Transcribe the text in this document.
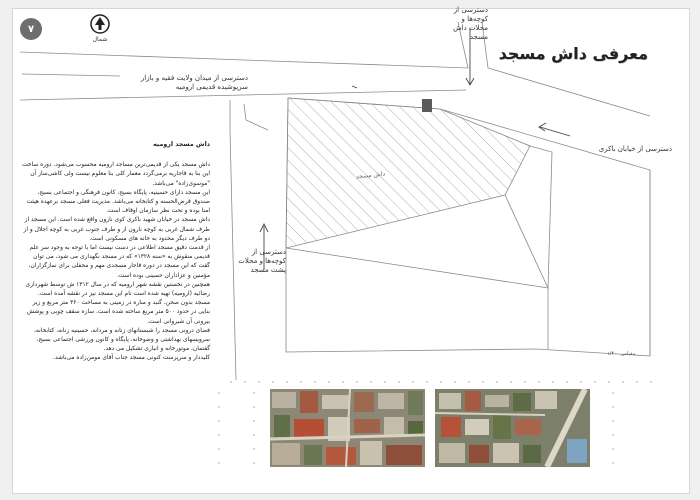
۷
شمال
معرفی داش مسجد
داش مسجد
دسترسی از کوچه‌ها و محلات داش مسجد
دسترسی از میدان ولایت فقیه و بازار سرپوشیده قدیمی ارومیه
دسترسی از خیابان باکری
دسترسی از کوچه‌ها و محلات پشت مسجد
مقیاس ۱/۴۰۰
داش مسجد ارومیه

داش مسجد یکی از قدیمی‌ترین مساجد ارومیه محسوب می‌شود. دوره ساخت این بنا به قاجاریه برمی‌گردد معمار کلی بنا معلوم نیست ولی کاشی‌ساز آن "موسوی‌زاده" می‌باشد.

این مسجد دارای حسینیه، پایگاه بسیج، کانون فرهنگی و اجتماعی بسیج، صندوق قرض‌الحسنه و کتابخانه می‌باشد. مدیریت فعلی مسجد برعهده هیئت امنا بوده و تحت نظر سازمان اوقاف است.

داش مسجد در خیابان شهید باکری کوی نارون واقع شده است. این مسجد از طرف شمال غربی به کوچه نارون از و طرف جنوب غربی به کوچه اجلال و از دو طرف دیگر محدود به خانه های مسکونی است.

از قدمت دقیق مسجد اطلاعی در دست نیست اما با توجه به وجود سر علم قدیمی منقوش به «سنه ۱۳۲۸» که در مسجد نگهداری می شود، می توان گفت که این مسجد در دوره قاجار مسجدی مهم و محفلی برای نمازگزاران، مؤمنین و عزاداران حسینی بوده است.

همچنین در نخستین نقشه شهر ارومیه که در سال ۱۳۱۲ ش توسط شهرداری رضائیه (ارومیه) تهیه شده است نام این مسجد نیز در نقشه آمده است.

مسجد بدون صحن، گنبد و مناره در زمینی به مساحت ۳۶۰ متر مربع و زیر بنایی در حدود ۵۰۰ متر مربع ساخته شده است. سازه سقف چوبی و پوشش بیرونی آن شیروانی است.

فضای درونی مسجد را شبستانهای زنانه و مردانه، حسینیه زنانه، کتابخانه، سرویسهای بهداشتی و وضوخانه، پایگاه و کانون ورزشی اجتماعی بسیج، گفتمان، موتورخانه و انباری تشکیل می دهد.

کلیددار و سرپرست کنونی مسجد جناب آقای مومن‌زاده می‌باشد.
